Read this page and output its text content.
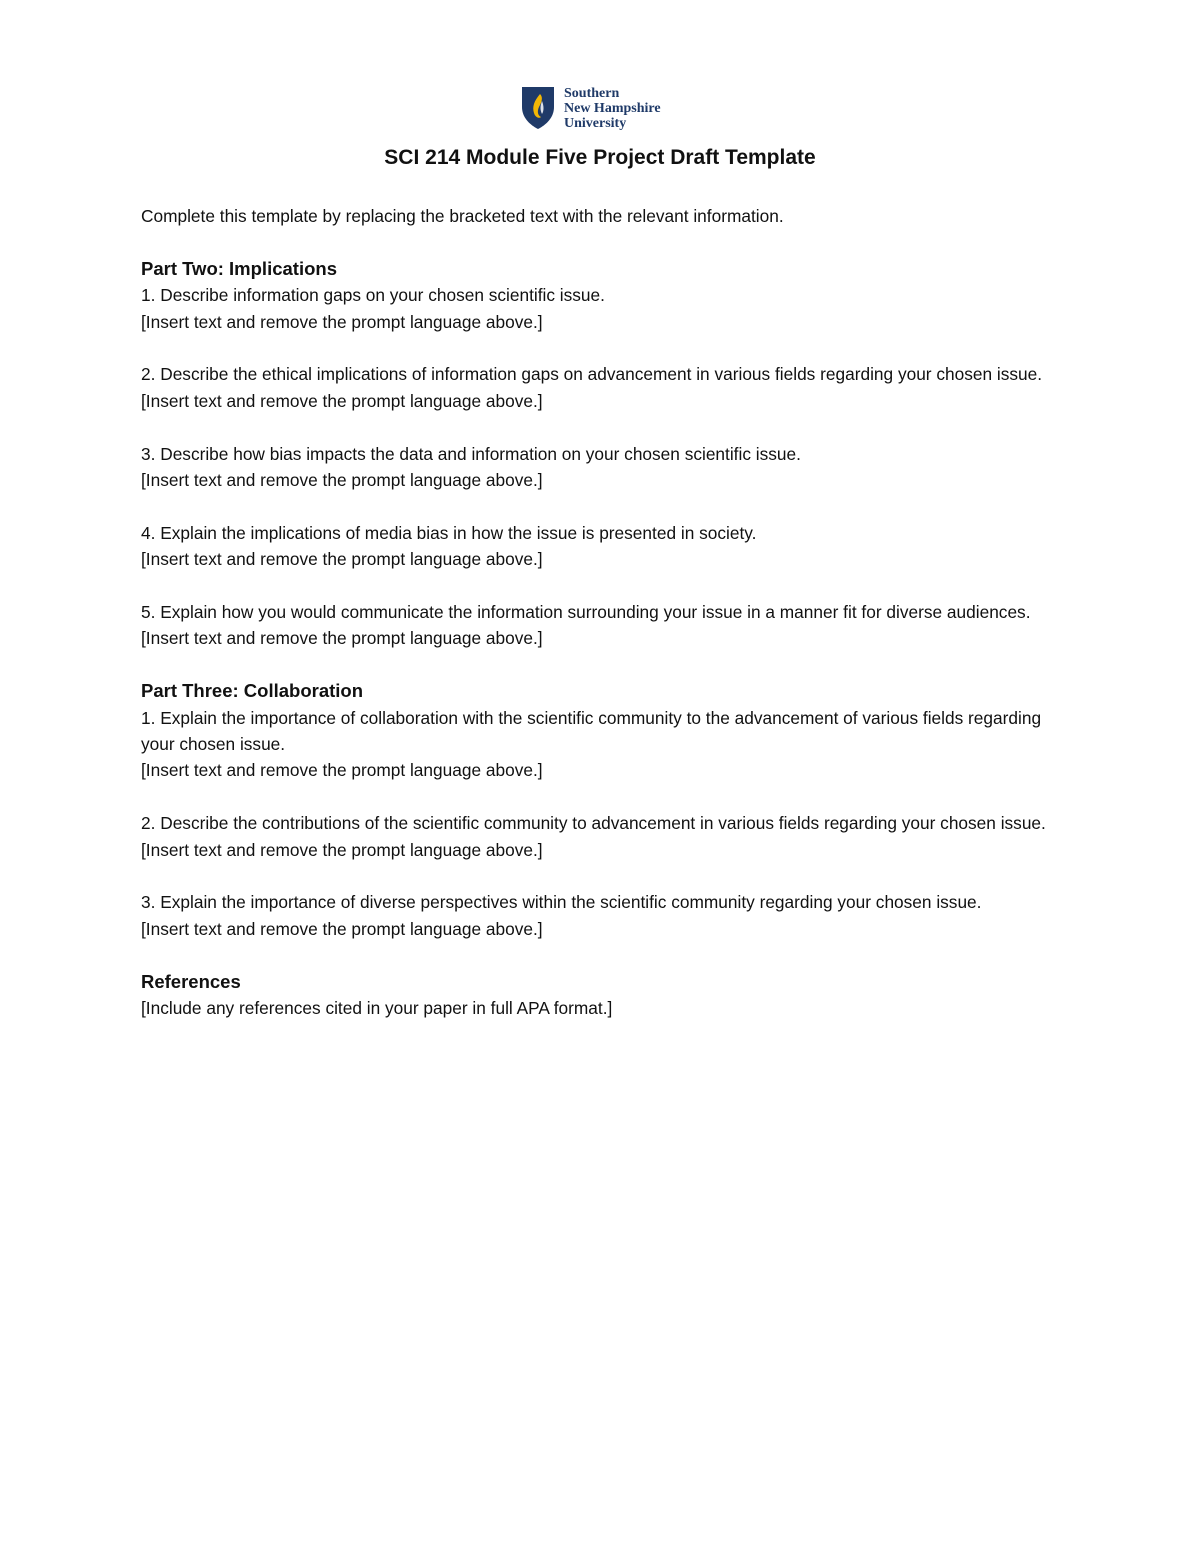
Southern
New Hampshire
University
SCI 214 Module Five Project Draft Template

Complete this template by replacing the bracketed text with the relevant information.

Part Two: Implications

1. Describe information gaps on your chosen scientific issue.

[Insert text and remove the prompt language above.]

2. Describe the ethical implications of information gaps on advancement in various fields regarding your chosen issue.

[Insert text and remove the prompt language above.]

3. Describe how bias impacts the data and information on your chosen scientific issue.

[Insert text and remove the prompt language above.]

4. Explain the implications of media bias in how the issue is presented in society.

[Insert text and remove the prompt language above.]

5. Explain how you would communicate the information surrounding your issue in a manner fit for diverse audiences.

[Insert text and remove the prompt language above.]

Part Three: Collaboration

1. Explain the importance of collaboration with the scientific community to the advancement of various fields regarding your chosen issue.

[Insert text and remove the prompt language above.]

2. Describe the contributions of the scientific community to advancement in various fields regarding your chosen issue.

[Insert text and remove the prompt language above.]

3. Explain the importance of diverse perspectives within the scientific community regarding your chosen issue.

[Insert text and remove the prompt language above.]

References

[Include any references cited in your paper in full APA format.]
